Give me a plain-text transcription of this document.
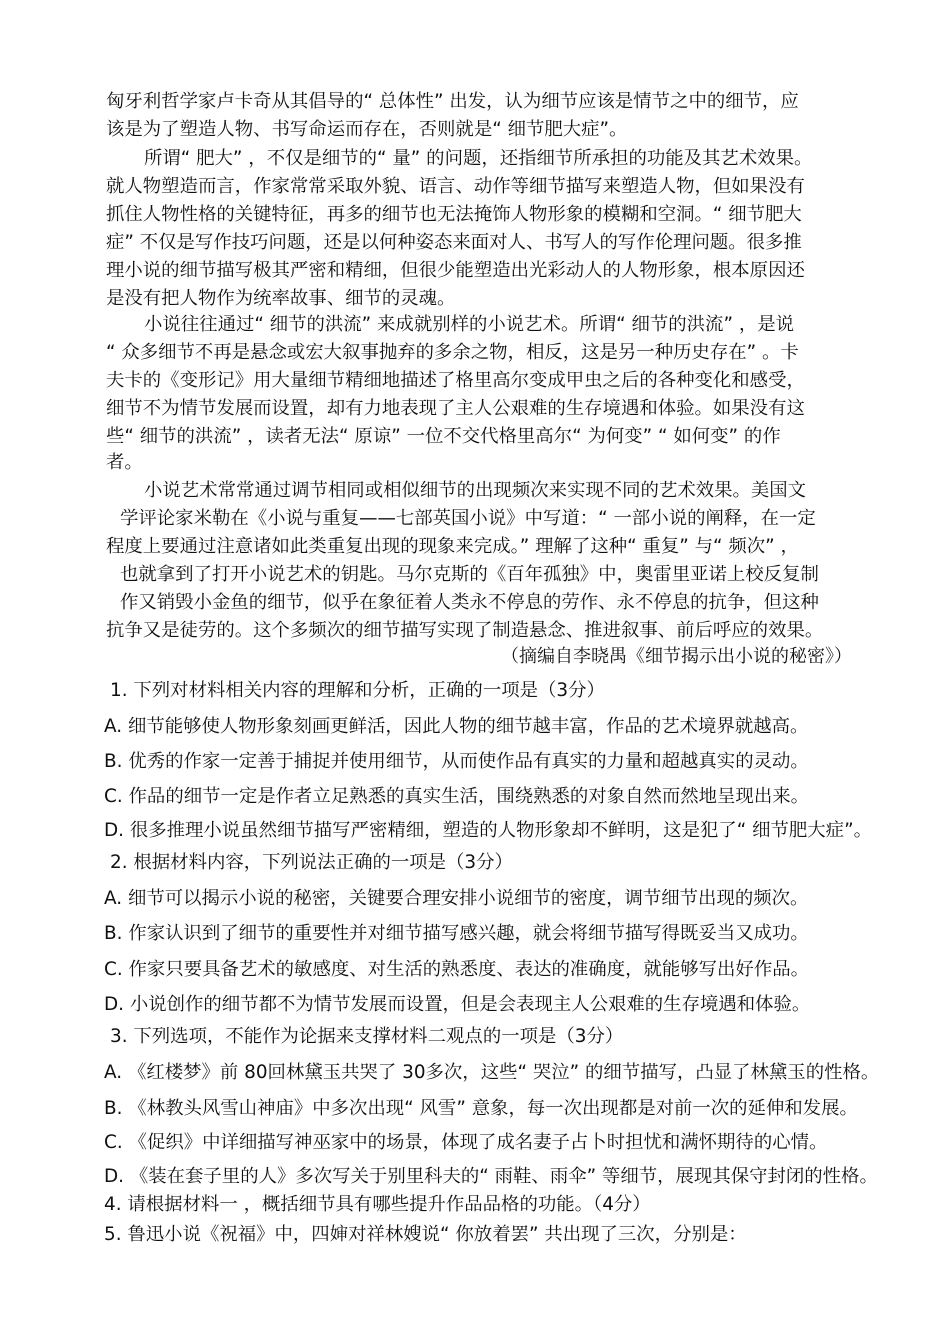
匈牙利哲学家卢卡奇从其倡导的“ 总体性” 出发，认为细节应该是情节之中的细节，应
该是为了塑造人物、书写命运而存在，否则就是“ 细节肥大症”。
所谓“ 肥大” ，不仅是细节的“ 量” 的问题，还指细节所承担的功能及其艺术效果。
就人物塑造而言，作家常常采取外貌、语言、动作等细节描写来塑造人物，但如果没有
抓住人物性格的关键特征，再多的细节也无法掩饰人物形象的模糊和空洞。“ 细节肥大
症” 不仅是写作技巧问题，还是以何种姿态来面对人、书写人的写作伦理问题。很多推
理小说的细节描写极其严密和精细，但很少能塑造出光彩动人的人物形象，根本原因还
是没有把人物作为统率故事、细节的灵魂。
小说往往通过“ 细节的洪流” 来成就别样的小说艺术。所谓“ 细节的洪流” ，是说
“ 众多细节不再是悬念或宏大叙事抛弃的多余之物，相反，这是另一种历史存在” 。卡
夫卡的《变形记》用大量细节精细地描述了格里高尔变成甲虫之后的各种变化和感受，
细节不为情节发展而设置，却有力地表现了主人公艰难的生存境遇和体验。如果没有这
些“ 细节的洪流” ，读者无法“ 原谅” 一位不交代格里高尔“ 为何变” “ 如何变” 的作
者。
小说艺术常常通过调节相同或相似细节的出现频次来实现不同的艺术效果。美国文
学评论家米勒在《小说与重复——七部英国小说》中写道：“ 一部小说的阐释，在一定
程度上要通过注意诸如此类重复出现的现象来完成。” 理解了这种“ 重复” 与“ 频次” ，
也就拿到了打开小说艺术的钥匙。马尔克斯的《百年孤独》中，奥雷里亚诺上校反复制
作又销毁小金鱼的细节，似乎在象征着人类永不停息的劳作、永不停息的抗争，但这种
抗争又是徒劳的。这个多频次的细节描写实现了制造悬念、推进叙事、前后呼应的效果。
（摘编自李晓禺《细节揭示出小说的秘密》）
1. 下列对材料相关内容的理解和分析，正确的一项是（3分）
A. 细节能够使人物形象刻画更鲜活，因此人物的细节越丰富，作品的艺术境界就越高。
B. 优秀的作家一定善于捕捉并使用细节，从而使作品有真实的力量和超越真实的灵动。
C. 作品的细节一定是作者立足熟悉的真实生活，围绕熟悉的对象自然而然地呈现出来。
D. 很多推理小说虽然细节描写严密精细，塑造的人物形象却不鲜明，这是犯了“ 细节肥大症”。
2. 根据材料内容，下列说法正确的一项是（3分）
A. 细节可以揭示小说的秘密，关键要合理安排小说细节的密度，调节细节出现的频次。
B. 作家认识到了细节的重要性并对细节描写感兴趣，就会将细节描写得既妥当又成功。
C. 作家只要具备艺术的敏感度、对生活的熟悉度、表达的准确度，就能够写出好作品。
D. 小说创作的细节都不为情节发展而设置，但是会表现主人公艰难的生存境遇和体验。
3. 下列选项，不能作为论据来支撑材料二观点的一项是（3分）
A. 《红楼梦》前 80回林黛玉共哭了 30多次，这些“ 哭泣” 的细节描写，凸显了林黛玉的性格。
B. 《林教头风雪山神庙》中多次出现“ 风雪” 意象，每一次出现都是对前一次的延伸和发展。
C. 《促织》中详细描写神巫家中的场景，体现了成名妻子占卜时担忧和满怀期待的心情。
D. 《装在套子里的人》多次写关于别里科夫的“ 雨鞋、雨伞” 等细节，展现其保守封闭的性格。
4. 请根据材料一 ，概括细节具有哪些提升作品品格的功能。（4分）
5. 鲁迅小说《祝福》中，四婶对祥林嫂说“ 你放着罢” 共出现了三次，分别是：
